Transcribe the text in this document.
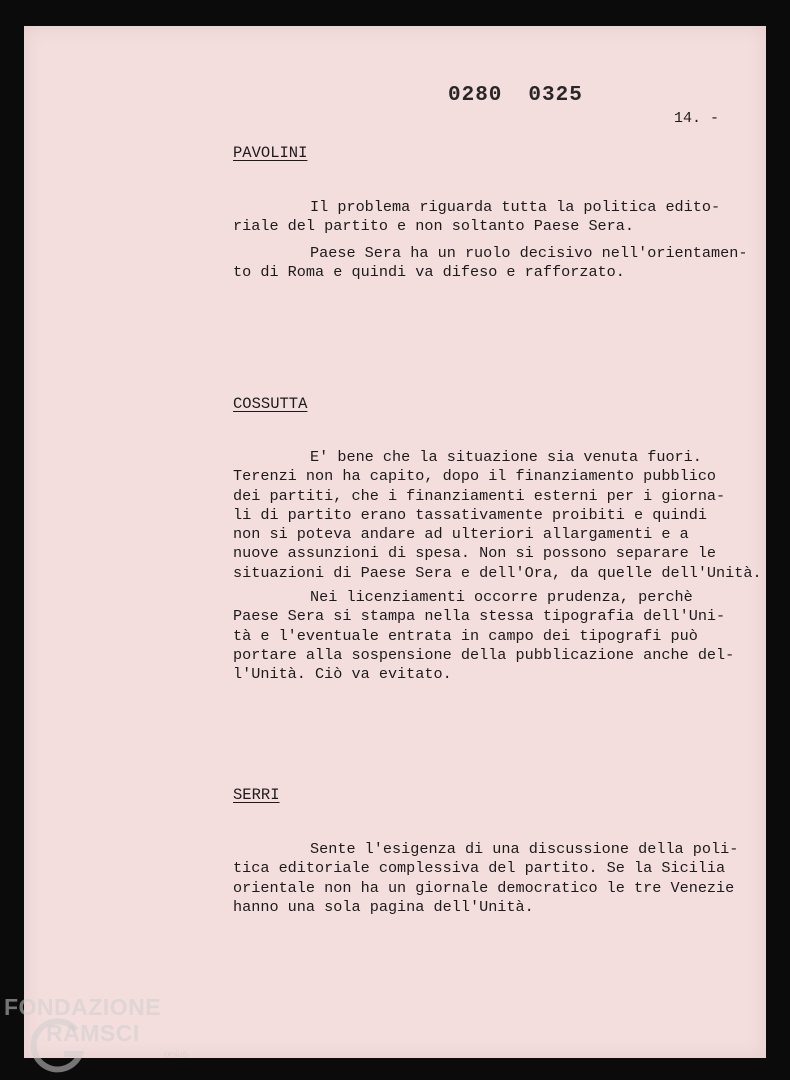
0280 0325
14. -
PAVOLINI
Il problema riguarda tutta la politica edito-
riale del partito e non soltanto Paese Sera.
Paese Sera ha un ruolo decisivo nell'orientamen-
to di Roma e quindi va difeso e rafforzato.
COSSUTTA
E' bene che la situazione sia venuta fuori.
Terenzi non ha capito, dopo il finanziamento pubblico
dei partiti, che i finanziamenti esterni per i giorna-
li di partito erano tassativamente proibiti e quindi
non si poteva andare ad ulteriori allargamenti e a
nuove assunzioni di spesa. Non si possono separare le
situazioni di Paese Sera e dell'Ora, da quelle dell'Unità.
Nei licenziamenti occorre prudenza, perchè
Paese Sera si stampa nella stessa tipografia dell'Uni-
tà e l'eventuale entrata in campo dei tipografi può
portare alla sospensione della pubblicazione anche del-
l'Unità. Ciò va evitato.
SERRI
Sente l'esigenza di una discussione della poli-
tica editoriale complessiva del partito. Se la Sicilia
orientale non ha un giornale democratico le tre Venezie
hanno una sola pagina dell'Unità.
FONDAZIONE
RAMSCI
onlus
